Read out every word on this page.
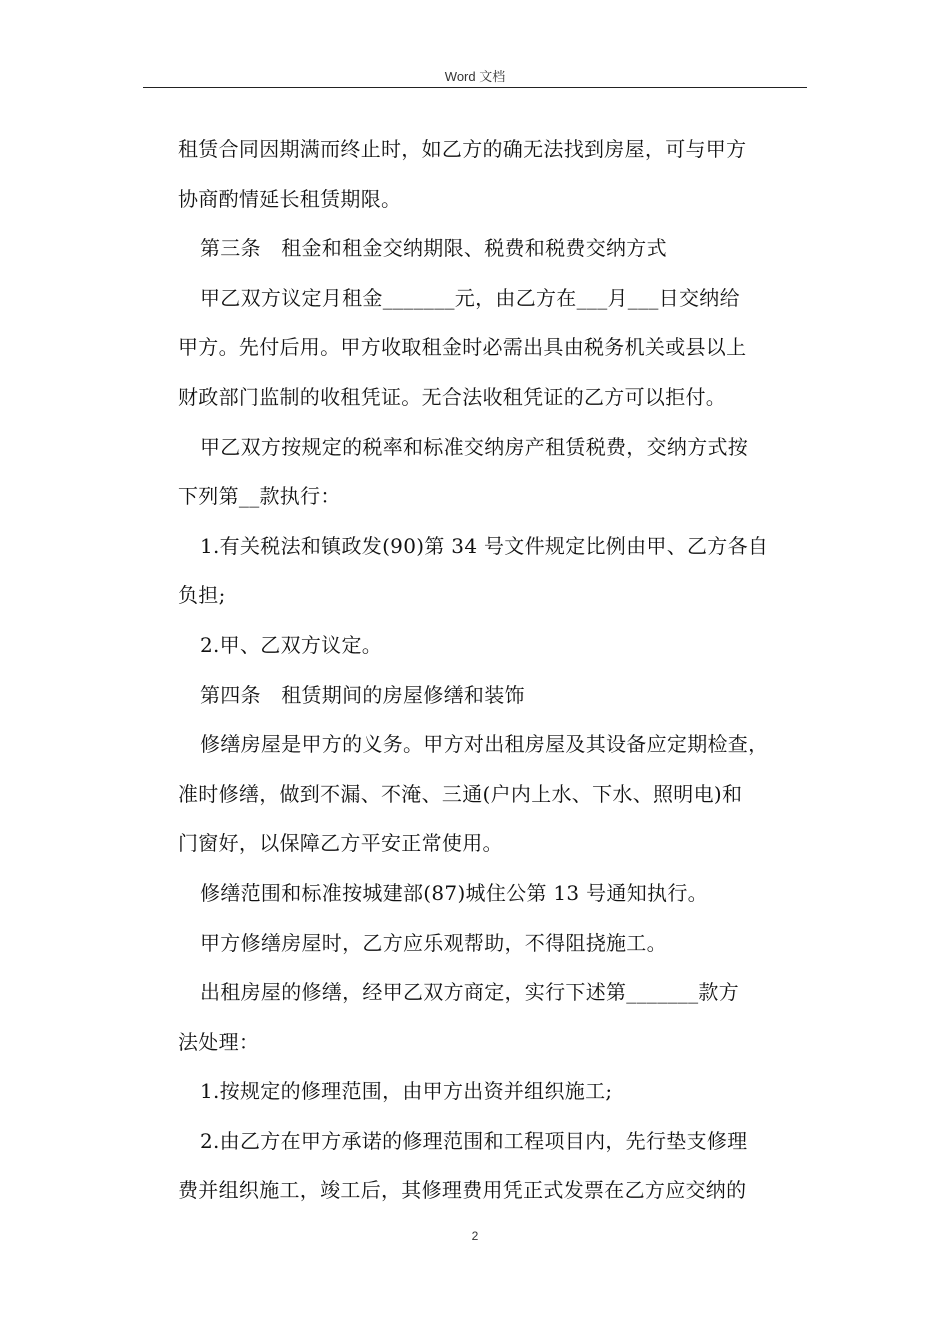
Word 文档
租赁合同因期满而终止时，如乙方的确无法找到房屋，可与甲方
协商酌情延长租赁期限。
第三条　租金和租金交纳期限、税费和税费交纳方式
甲乙双方议定月租金_______元，由乙方在___月___日交纳给
甲方。先付后用。甲方收取租金时必需出具由税务机关或县以上
财政部门监制的收租凭证。无合法收租凭证的乙方可以拒付。
甲乙双方按规定的税率和标准交纳房产租赁税费，交纳方式按
下列第__款执行：
1.有关税法和镇政发(90)第 34 号文件规定比例由甲、乙方各自
负担;
2.甲、乙双方议定。
第四条　租赁期间的房屋修缮和装饰
修缮房屋是甲方的义务。甲方对出租房屋及其设备应定期检查，
准时修缮，做到不漏、不淹、三通(户内上水、下水、照明电)和
门窗好，以保障乙方平安正常使用。
修缮范围和标准按城建部(87)城住公第 13 号通知执行。
甲方修缮房屋时，乙方应乐观帮助，不得阻挠施工。
出租房屋的修缮，经甲乙双方商定，实行下述第_______款方
法处理：
1.按规定的修理范围，由甲方出资并组织施工;
2.由乙方在甲方承诺的修理范围和工程项目内，先行垫支修理
费并组织施工，竣工后，其修理费用凭正式发票在乙方应交纳的
2
